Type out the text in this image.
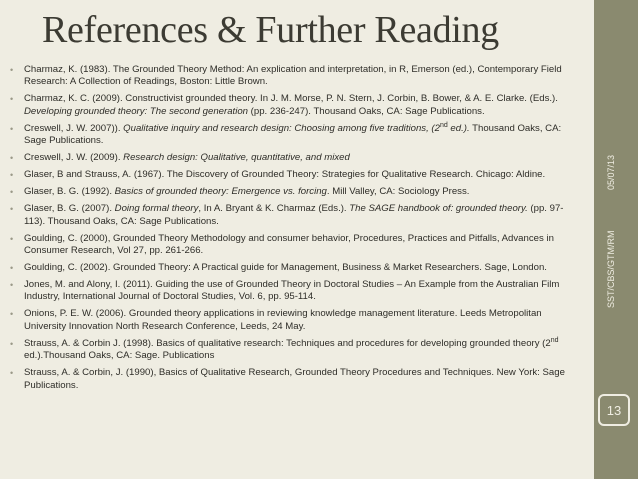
References & Further Reading
• Charmaz, K. (1983). The Grounded Theory Method: An explication and interpretation, in R, Emerson (ed.), Contemporary Field Research: A Collection of Readings, Boston: Little Brown.
• Charmaz, K. C. (2009). Constructivist grounded theory. In J. M. Morse, P. N. Stern, J. Corbin, B. Bower, & A. E. Clarke. (Eds.). Developing grounded theory: The second generation (pp. 236-247). Thousand Oaks, CA: Sage Publications.
• Creswell, J. W. 2007)). Qualitative inquiry and research design: Choosing among five traditions, (2nd ed.). Thousand Oaks, CA: Sage Publications.
• Creswell, J. W. (2009). Research design: Qualitative, quantitative, and mixed
• Glaser, B and Strauss, A. (1967). The Discovery of Grounded Theory: Strategies for Qualitative Research. Chicago: Aldine.
• Glaser, B. G. (1992). Basics of grounded theory: Emergence vs. forcing. Mill Valley, CA: Sociology Press.
• Glaser, B. G. (2007). Doing formal theory, In A. Bryant & K. Charmaz (Eds.). The SAGE handbook of: grounded theory. (pp. 97-113). Thousand Oaks, CA: Sage Publications.
• Goulding, C. (2000), Grounded Theory Methodology and consumer behavior, Procedures, Practices and Pitfalls, Advances in Consumer Research, Vol 27, pp. 261-266.
• Goulding, C. (2002). Grounded Theory: A Practical guide for Management, Business & Market Researchers. Sage, London.
• Jones, M. and Alony, I. (2011). Guiding the use of Grounded Theory in Doctoral Studies – An Example from the Australian Film Industry, International Journal of Doctoral Studies, Vol. 6, pp. 95-114.
• Onions, P. E. W. (2006). Grounded theory applications in reviewing knowledge management literature. Leeds Metropolitan University Innovation North Research Conference, Leeds, 24 May.
• Strauss, A. & Corbin J. (1998). Basics of qualitative research: Techniques and procedures for developing grounded theory (2nd ed.).Thousand Oaks, CA: Sage. Publications
• Strauss, A. & Corbin, J. (1990), Basics of Qualitative Research, Grounded Theory Procedures and Techniques. New York: Sage Publications.
05/07/13
SST/CBS/GTM/RM
13
